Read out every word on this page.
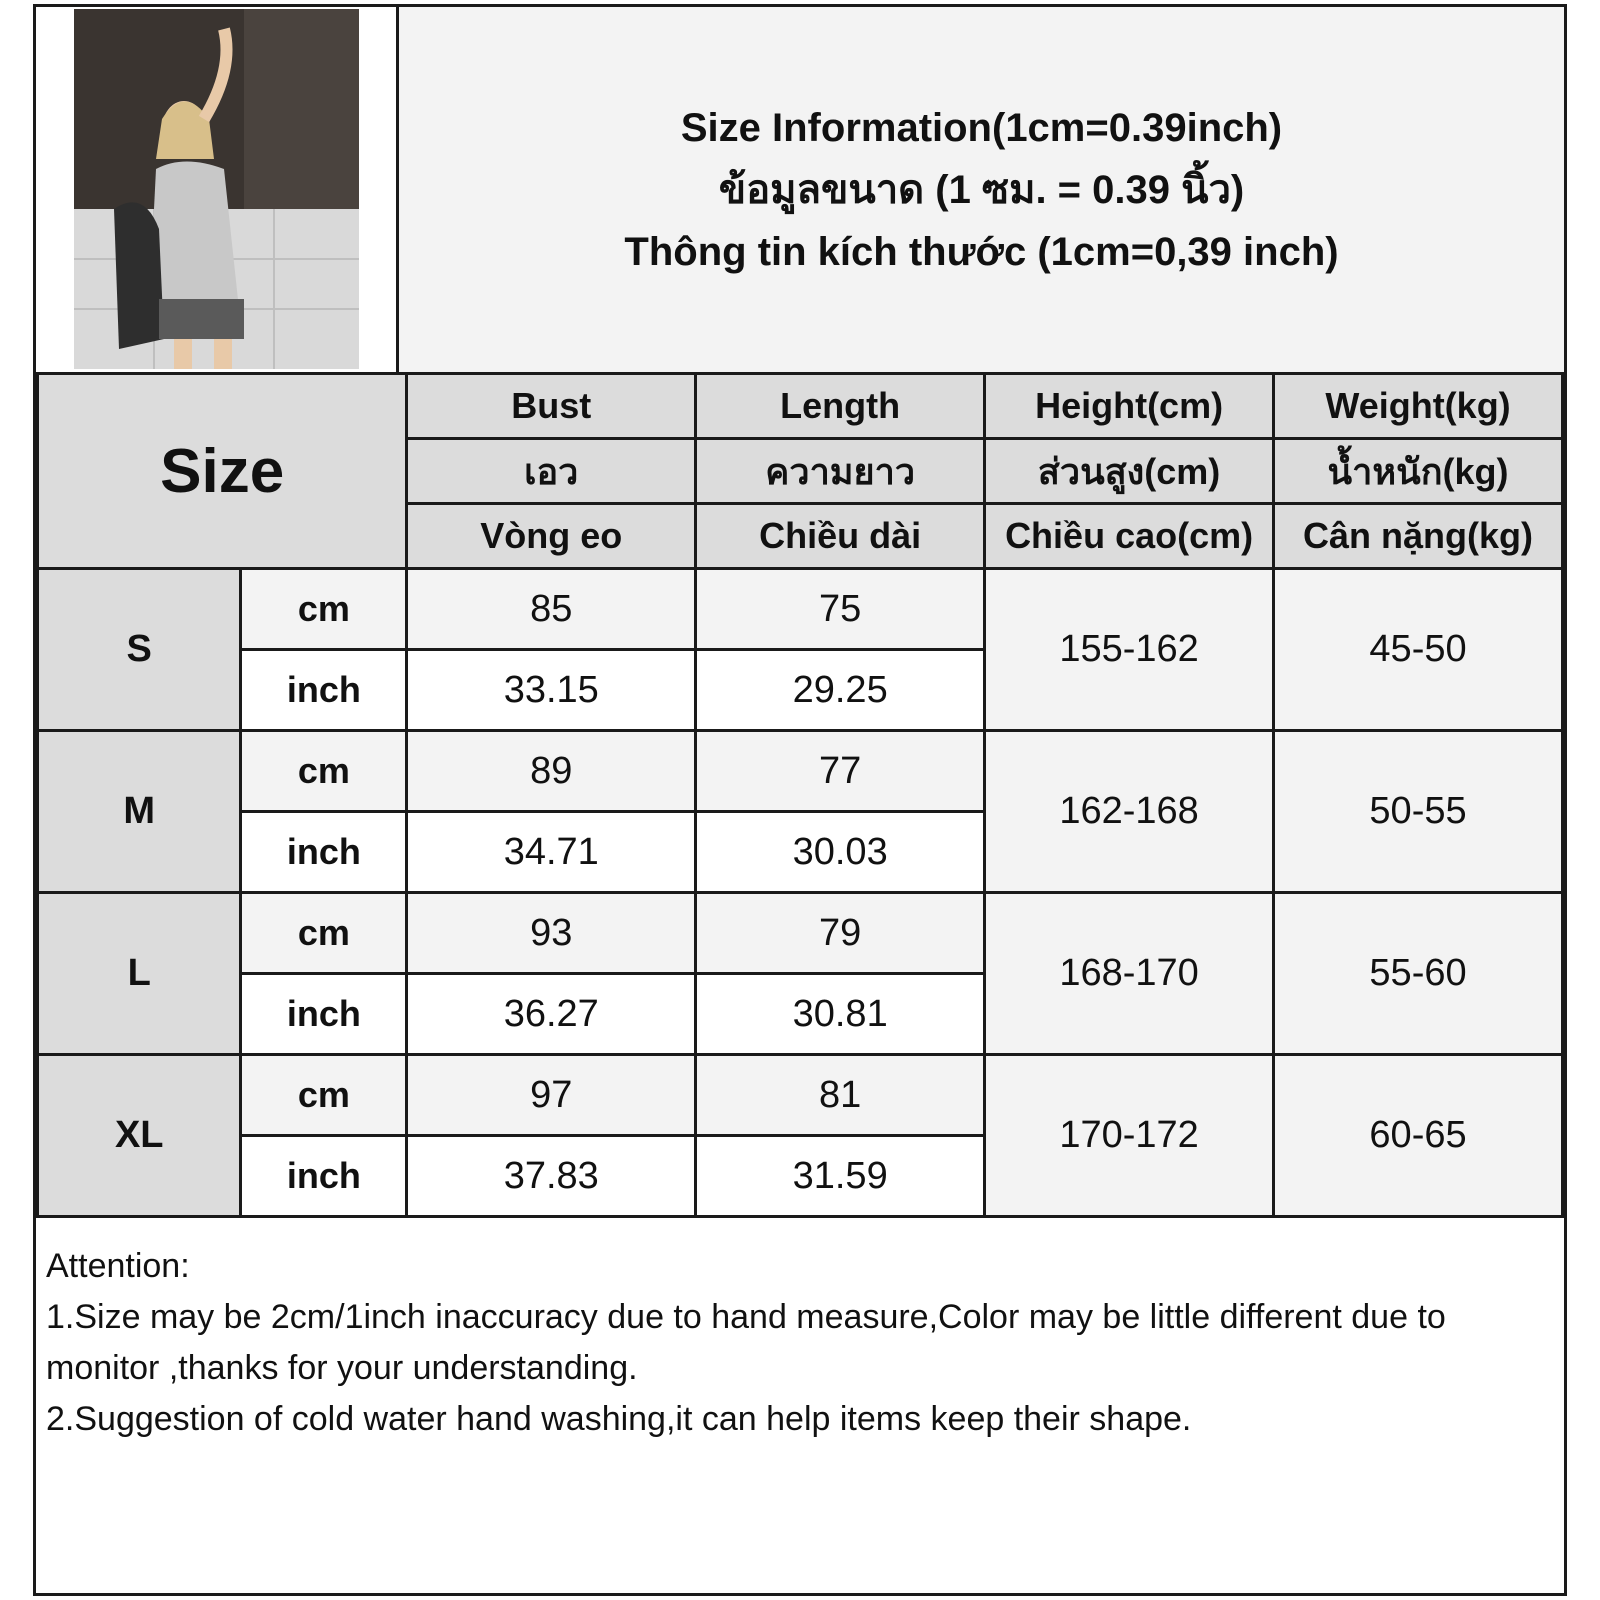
Size Information(1cm=0.39inch)
ข้อมูลขนาด (1 ซม. = 0.39 นิ้ว)
Thông tin kích thước (1cm=0,39 inch)
Size		Bust	Length	Height(cm)	Weight(kg)
		เอว	ความยาว	ส่วนสูง(cm)	น้ำหนัก(kg)
		Vòng eo	Chiều dài	Chiều cao(cm)	Cân nặng(kg)
S	cm	85	75	155-162	45-50
	inch	33.15	29.25		
M	cm	89	77	162-168	50-55
	inch	34.71	30.03		
L	cm	93	79	168-170	55-60
	inch	36.27	30.81		
XL	cm	97	81	170-172	60-65
	inch	37.83	31.59		
Attention:
1.Size may be 2cm/1inch inaccuracy due to hand measure,Color may be little different due to monitor ,thanks for your understanding.
2.Suggestion of cold water hand washing,it can help items keep their shape.
